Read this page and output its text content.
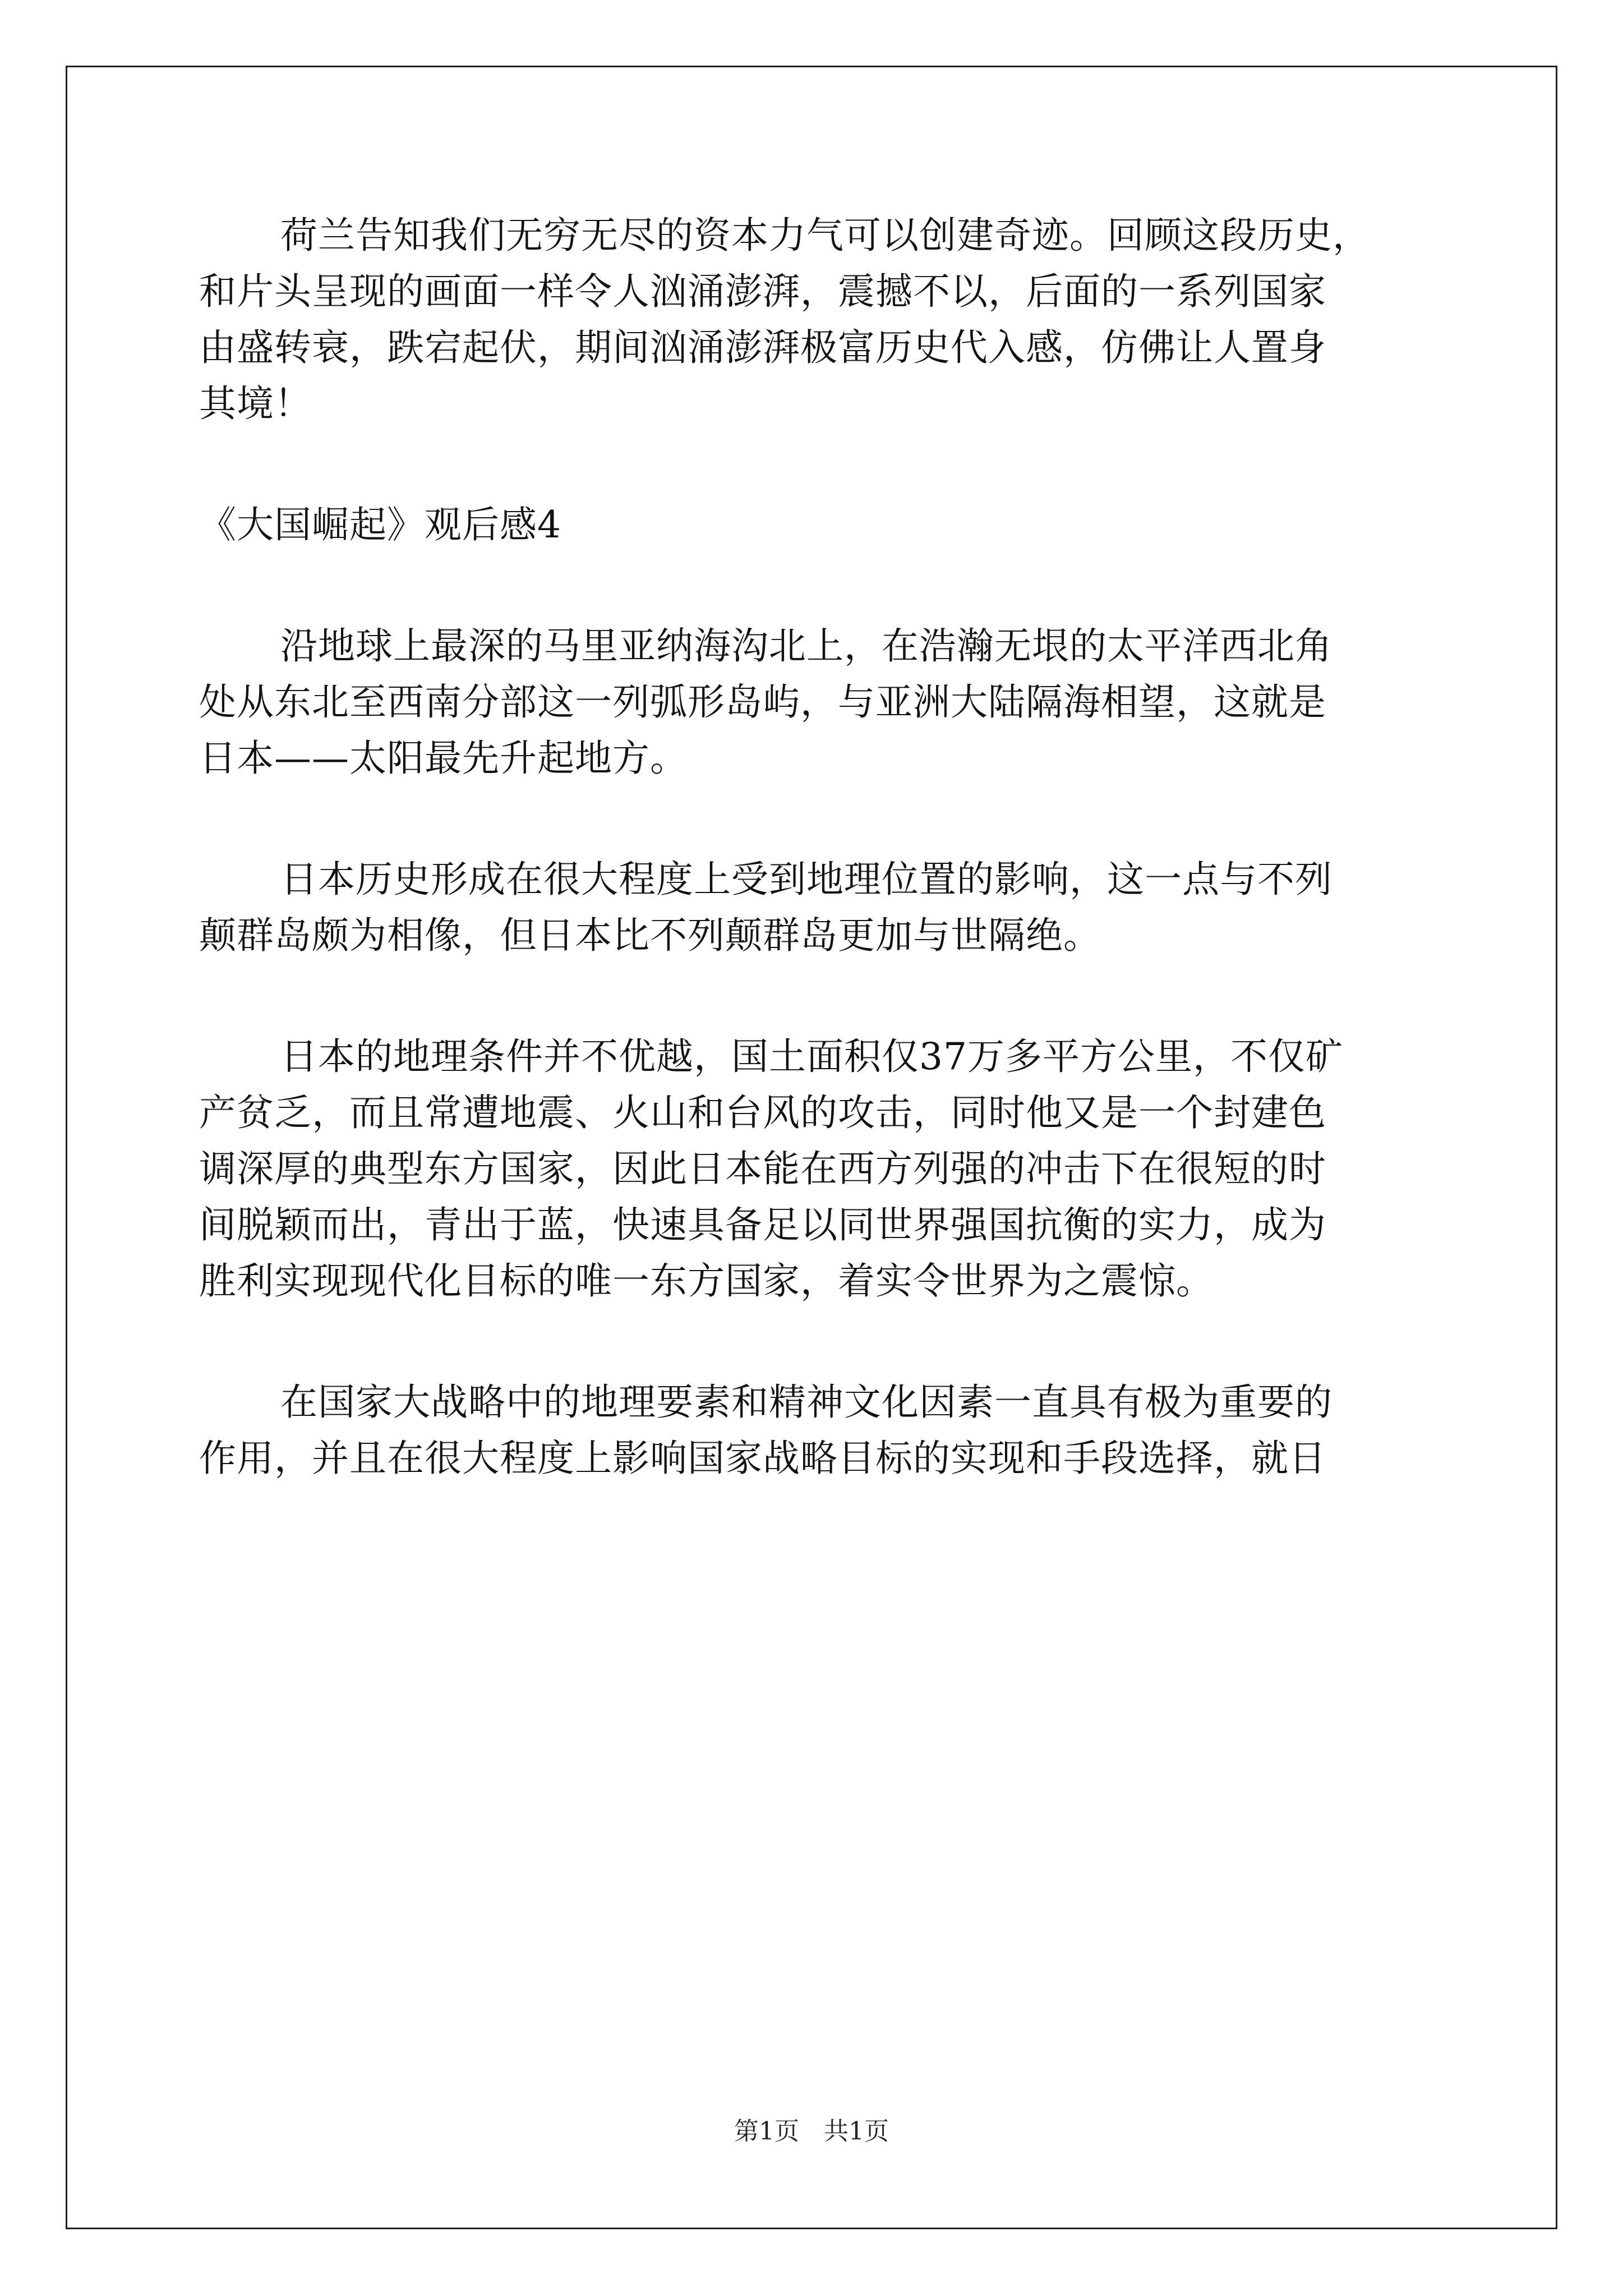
荷兰告知我们无穷无尽的资本力气可以创建奇迹。回顾这段历史，

和片头呈现的画面一样令人汹涌澎湃，震撼不以，后面的一系列国家

由盛转衰，跌宕起伏，期间汹涌澎湃极富历史代入感，仿佛让人置身

其境！

《大国崛起》观后感4

沿地球上最深的马里亚纳海沟北上，在浩瀚无垠的太平洋西北角

处从东北至西南分部这一列弧形岛屿，与亚洲大陆隔海相望，这就是

日本——太阳最先升起地方。

日本历史形成在很大程度上受到地理位置的影响，这一点与不列

颠群岛颇为相像，但日本比不列颠群岛更加与世隔绝。

日本的地理条件并不优越，国土面积仅37万多平方公里，不仅矿

产贫乏，而且常遭地震、火山和台风的攻击，同时他又是一个封建色

调深厚的典型东方国家，因此日本能在西方列强的冲击下在很短的时

间脱颖而出，青出于蓝，快速具备足以同世界强国抗衡的实力，成为

胜利实现现代化目标的唯一东方国家，着实令世界为之震惊。

在国家大战略中的地理要素和精神文化因素一直具有极为重要的

作用，并且在很大程度上影响国家战略目标的实现和手段选择，就日

第1页　共1页
